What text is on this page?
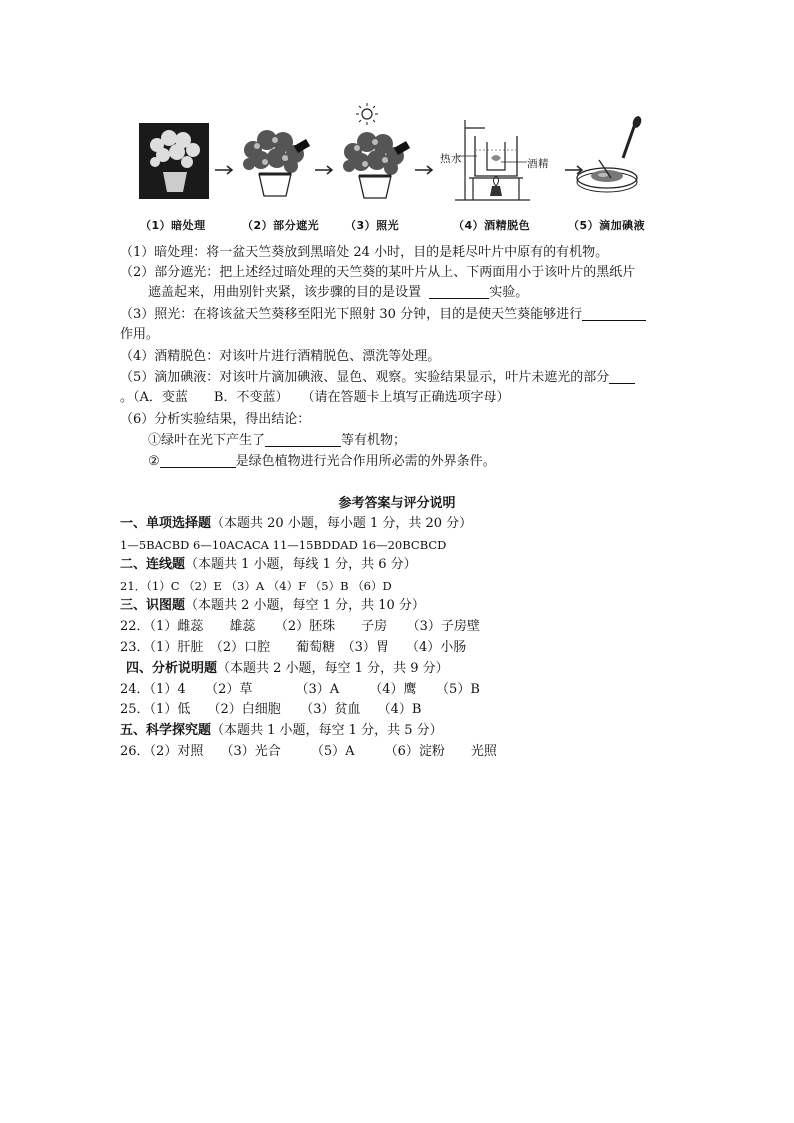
热水	酒精
（1）暗处理	（2）部分遮光 （3）照光	（4）酒精脱色	（5）滴加碘液
（1）暗处理：将一盆天竺葵放到黑暗处 24 小时，目的是耗尽叶片中原有的有机物。
（2）部分遮光：把上述经过暗处理的天竺葵的某叶片从上、下两面用小于该叶片的黑纸片
遮盖起来，用曲别针夹紧，该步骤的目的是设置	实验。
（3）照光：在将该盆天竺葵移至阳光下照射 30 分钟，目的是使天竺葵能够进行
作用。
（4）酒精脱色：对该叶片进行酒精脱色、漂洗等处理。
（5）滴加碘液：对该叶片滴加碘液、显色、观察。实验结果显示，叶片未遮光的部分
。（A．变蓝　　B．不变蓝）　　（请在答题卡上填写正确选项字母）
（6）分析实验结果，得出结论：
①绿叶在光下产生了	等有机物；
②	是绿色植物进行光合作用所必需的外界条件。
参考答案与评分说明
一、单项选择题（本题共 20 小题，每小题 1 分，共 20 分）
1—5BACBD 6—10ACACA 11—15BDDAD 16—20BCBCD
二、连线题（本题共 1 小题，每线 1 分，共 6 分）
21．（1）C （2）E （3）A （4）F （5）B （6）D
三、识图题（本题共 2 小题，每空 1 分，共 10 分）
22．（1）雌蕊　　雄蕊　　（2）胚珠　　子房　　（3）子房壁
23．（1）肝脏　（2）口腔　　葡萄糖　（3）胃　 （4）小肠
四、分析说明题（本题共 2 小题，每空 1 分，共 9 分）
24．（1）4　　（2）草　　　 （3）A　　 （4）鹰　　（5）B
25．（1）低　 （2）白细胞　　（3）贫血　 （4）B
五、科学探究题（本题共 1 小题，每空 1 分，共 5 分）
26．（2）对照　 （3）光合　　 （5）A　　 （6）淀粉　　光照
